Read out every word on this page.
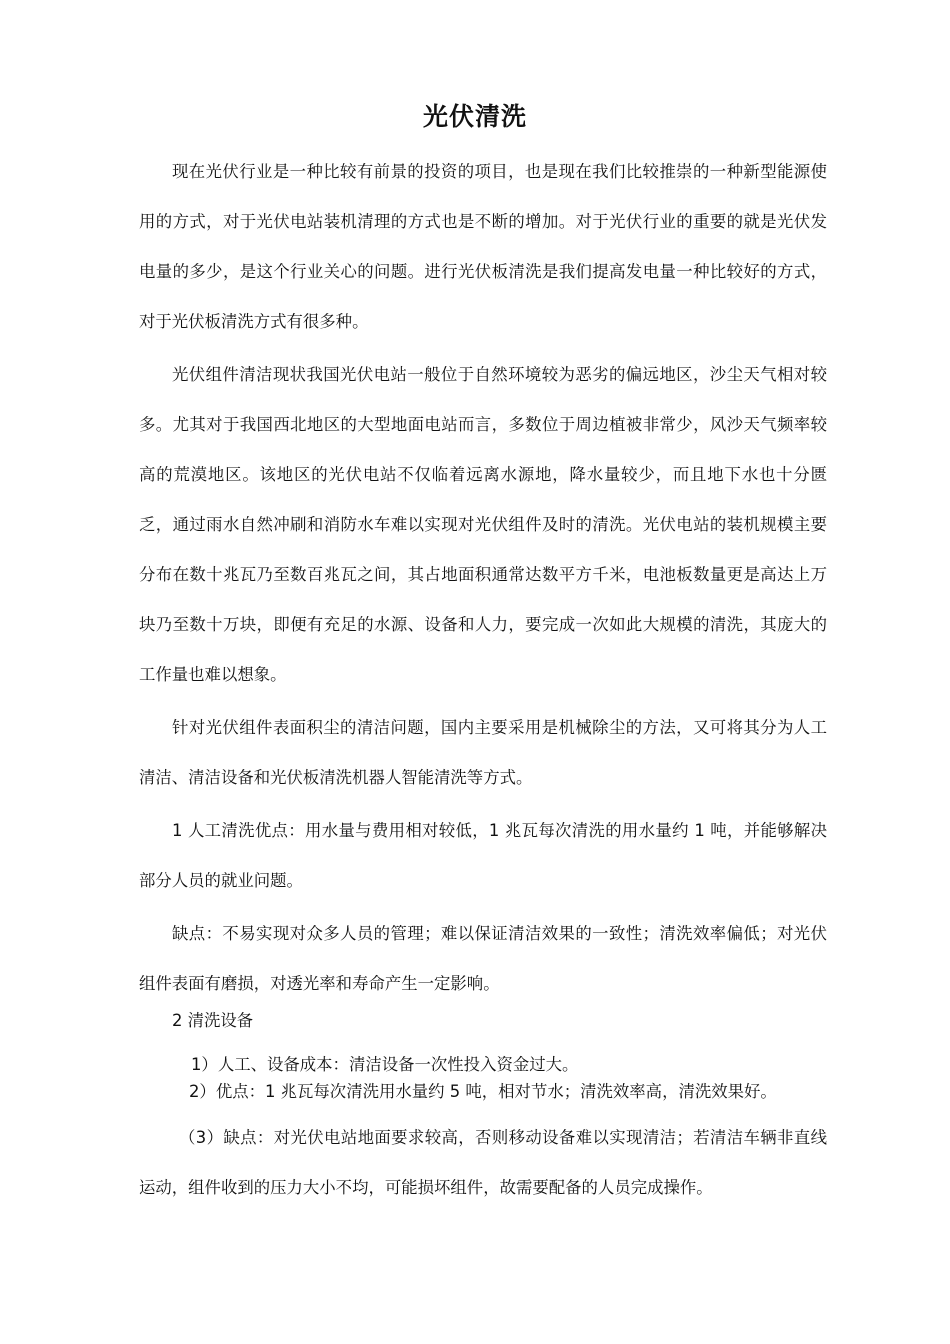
光伏清洗

现在光伏行业是一种比较有前景的投资的项目，也是现在我们比较推崇的一种新型能源使用的方式，对于光伏电站装机清理的方式也是不断的增加。对于光伏行业的重要的就是光伏发电量的多少，是这个行业关心的问题。进行光伏板清洗是我们提高发电量一种比较好的方式，对于光伏板清洗方式有很多种。

光伏组件清洁现状我国光伏电站一般位于自然环境较为恶劣的偏远地区，沙尘天气相对较多。尤其对于我国西北地区的大型地面电站而言，多数位于周边植被非常少，风沙天气频率较高的荒漠地区。该地区的光伏电站不仅临着远离水源地，降水量较少，而且地下水也十分匮乏，通过雨水自然冲刷和消防水车难以实现对光伏组件及时的清洗。光伏电站的装机规模主要分布在数十兆瓦乃至数百兆瓦之间，其占地面积通常达数平方千米，电池板数量更是高达上万块乃至数十万块，即便有充足的水源、设备和人力，要完成一次如此大规模的清洗，其庞大的工作量也难以想象。

针对光伏组件表面积尘的清洁问题，国内主要采用是机械除尘的方法，又可将其分为人工清洁、清洁设备和光伏板清洗机器人智能清洗等方式。

1 人工清洗优点：用水量与费用相对较低，1 兆瓦每次清洗的用水量约 1 吨，并能够解决部分人员的就业问题。

缺点：不易实现对众多人员的管理；难以保证清洁效果的一致性；清洗效率偏低；对光伏组件表面有磨损，对透光率和寿命产生一定影响。

2 清洗设备
1）人工、设备成本：清洁设备一次性投入资金过大。
2）优点：1 兆瓦每次清洗用水量约 5 吨，相对节水；清洗效率高，清洗效果好。

（3）缺点：对光伏电站地面要求较高，否则移动设备难以实现清洁；若清洁车辆非直线运动，组件收到的压力大小不均，可能损坏组件，故需要配备的人员完成操作。
